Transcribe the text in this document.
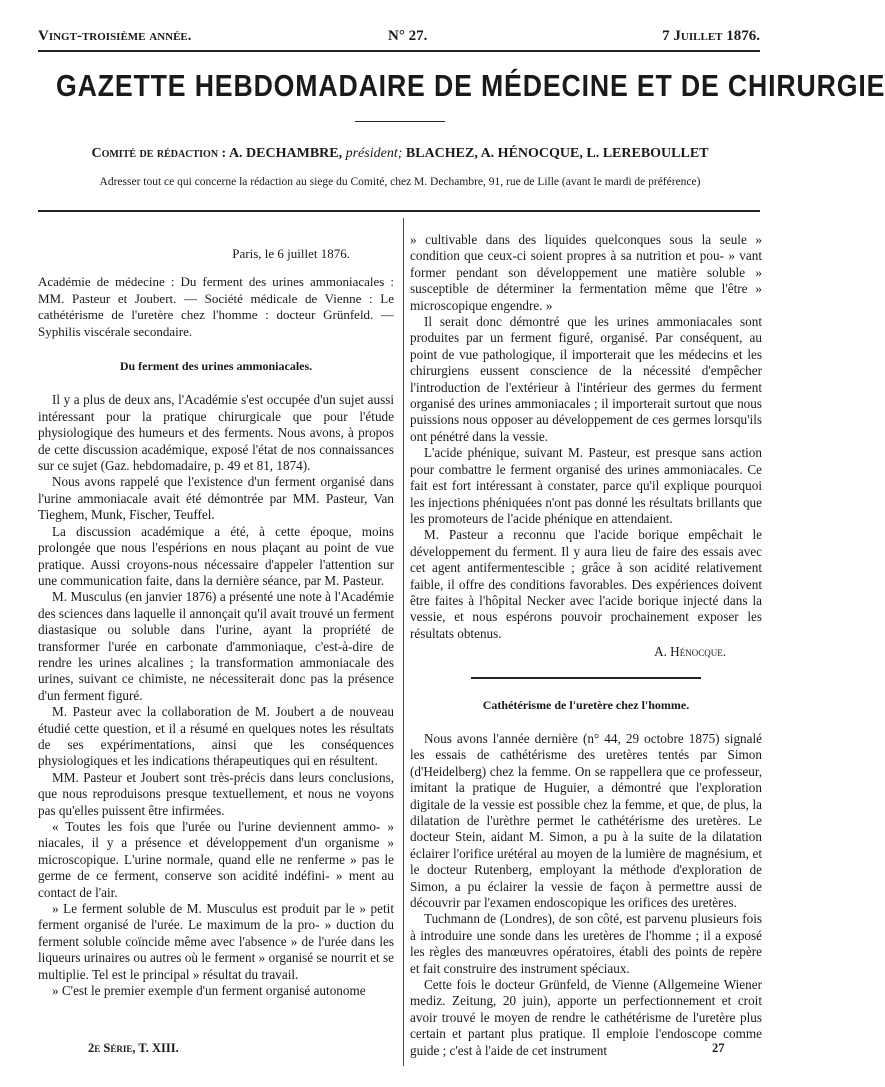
Vingt-troisième année.	N° 27.	7 Juillet 1876.
GAZETTE HEBDOMADAIRE DE MÉDECINE ET DE CHIRURGIE
Comité de rédaction : A. DECHAMBRE, président; BLACHEZ, A. HÉNOCQUE, L. LEREBOULLET
Adresser tout ce qui concerne la rédaction au siege du Comité, chez M. Dechambre, 91, rue de Lille (avant le mardi de préférence)
Paris, le 6 juillet 1876.

Académie de médecine : Du ferment des urines ammoniacales : MM. Pasteur et Joubert. — Société médicale de Vienne : Le cathétérisme de l'uretère chez l'homme : docteur Grünfeld. — Syphilis viscérale secondaire.

Du ferment des urines ammoniacales.

Il y a plus de deux ans, l'Académie s'est occupée d'un sujet aussi intéressant pour la pratique chirurgicale que pour l'étude physiologique des humeurs et des ferments. Nous avons, à propos de cette discussion académique, exposé l'état de nos connaissances sur ce sujet (Gaz. hebdomadaire, p. 49 et 81, 1874).

Nous avons rappelé que l'existence d'un ferment organisé dans l'urine ammoniacale avait été démontrée par MM. Pasteur, Van Tieghem, Munk, Fischer, Teuffel.

La discussion académique a été, à cette époque, moins prolongée que nous l'espérions en nous plaçant au point de vue pratique. Aussi croyons-nous nécessaire d'appeler l'attention sur une communication faite, dans la dernière séance, par M. Pasteur.

M. Musculus (en janvier 1876) a présenté une note à l'Académie des sciences dans laquelle il annonçait qu'il avait trouvé un ferment diastasique ou soluble dans l'urine, ayant la propriété de transformer l'urée en carbonate d'ammoniaque, c'est-à-dire de rendre les urines alcalines ; la transformation ammoniacale des urines, suivant ce chimiste, ne nécessiterait donc pas la présence d'un ferment figuré.

M. Pasteur avec la collaboration de M. Joubert a de nouveau étudié cette question, et il a résumé en quelques notes les résultats de ses expérimentations, ainsi que les conséquences physiologiques et les indications thérapeutiques qui en résultent.

MM. Pasteur et Joubert sont très-précis dans leurs conclusions, que nous reproduisons presque textuellement, et nous ne voyons pas qu'elles puissent être infirmées.

« Toutes les fois que l'urée ou l'urine deviennent ammo- » niacales, il y a présence et développement d'un organisme » microscopique. L'urine normale, quand elle ne renferme » pas le germe de ce ferment, conserve son acidité indéfini- » ment au contact de l'air.

» Le ferment soluble de M. Musculus est produit par le » petit ferment organisé de l'urée. Le maximum de la pro- » duction du ferment soluble coïncide même avec l'absence » de l'urée dans les liqueurs urinaires ou autres où le ferment » organisé se nourrit et se multiplie. Tel est le principal » résultat du travail.

» C'est le premier exemple d'un ferment organisé autonome

» cultivable dans des liquides quelconques sous la seule » condition que ceux-ci soient propres à sa nutrition et pou- » vant former pendant son développement une matière soluble » susceptible de déterminer la fermentation même que l'être » microscopique engendre. »

Il serait donc démontré que les urines ammoniacales sont produites par un ferment figuré, organisé. Par conséquent, au point de vue pathologique, il importerait que les médecins et les chirurgiens eussent conscience de la nécessité d'empêcher l'introduction de l'extérieur à l'intérieur des germes du ferment organisé des urines ammoniacales ; il importerait surtout que nous puissions nous opposer au développement de ces germes lorsqu'ils ont pénétré dans la vessie.

L'acide phénique, suivant M. Pasteur, est presque sans action pour combattre le ferment organisé des urines ammoniacales. Ce fait est fort intéressant à constater, parce qu'il explique pourquoi les injections phéniquées n'ont pas donné les résultats brillants que les promoteurs de l'acide phénique en attendaient.

M. Pasteur a reconnu que l'acide borique empêchait le développement du ferment. Il y aura lieu de faire des essais avec cet agent antifermentescible ; grâce à son acidité relativement faible, il offre des conditions favorables. Des expériences doivent être faites à l'hôpital Necker avec l'acide borique injecté dans la vessie, et nous espérons pouvoir prochainement exposer les résultats obtenus.

A. Hénocque.
Cathétérisme de l'uretère chez l'homme.

Nous avons l'année dernière (n° 44, 29 octobre 1875) signalé les essais de cathétérisme des uretères tentés par Simon (d'Heidelberg) chez la femme. On se rappellera que ce professeur, imitant la pratique de Huguier, a démontré que l'exploration digitale de la vessie est possible chez la femme, et que, de plus, la dilatation de l'urèthre permet le cathétérisme des uretères. Le docteur Stein, aidant M. Simon, a pu à la suite de la dilatation éclairer l'orifice urétéral au moyen de la lumière de magnésium, et le docteur Rutenberg, employant la méthode d'exploration de Simon, a pu éclairer la vessie de façon à permettre aussi de découvrir par l'examen endoscopique les orifices des uretères.

Tuchmann de (Londres), de son côté, est parvenu plusieurs fois à introduire une sonde dans les uretères de l'homme ; il a exposé les règles des manœuvres opératoires, établi des points de repère et fait construire des instrument spéciaux.

Cette fois le docteur Grünfeld, de Vienne (Allgemeine Wiener mediz. Zeitung, 20 juin), apporte un perfectionnement et croit avoir trouvé le moyen de rendre le cathétérisme de l'uretère plus certain et partant plus pratique. Il emploie l'endoscope comme guide ; c'est à l'aide de cet instrument

2e Série, T. XIII.	27
